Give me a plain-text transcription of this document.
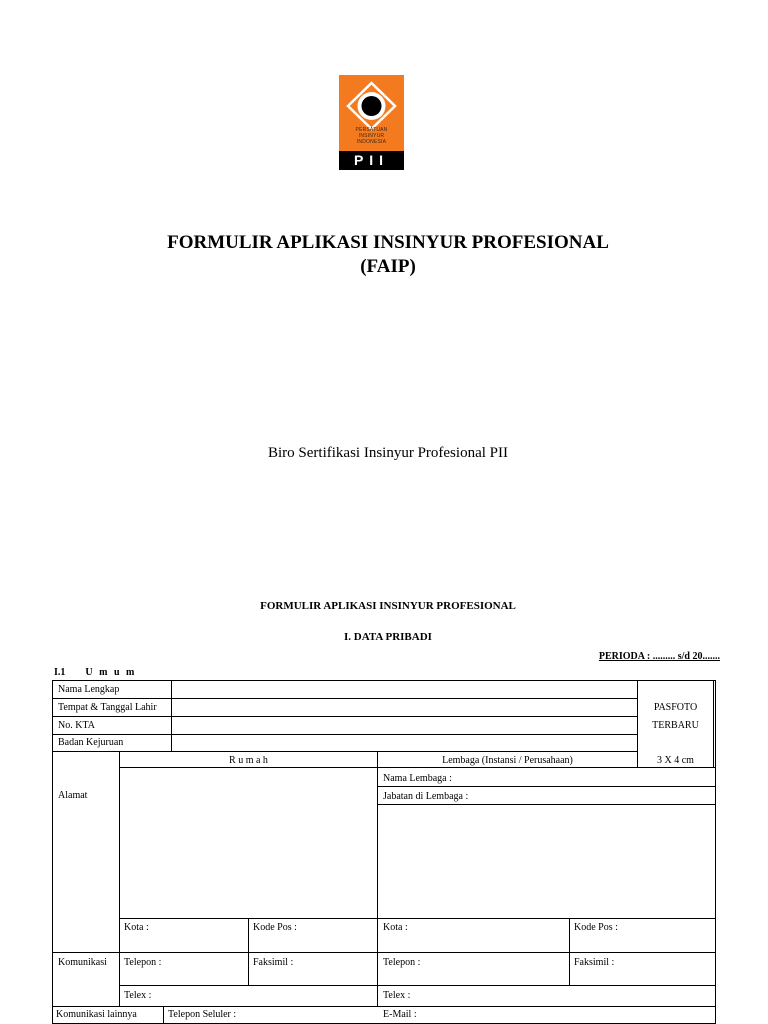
PERSATUAN
INSINYUR
INDONESIA
PII
FORMULIR APLIKASI INSINYUR PROFESIONAL
(FAIP)
Biro Sertifikasi Insinyur Profesional PII
FORMULIR APLIKASI INSINYUR PROFESIONAL
I. DATA PRIBADI
PERIODA : ......... s/d 20.......
I.1 U m u m
Nama Lengkap
Tempat & Tanggal Lahir
No. KTA
Badan Kejuruan
PASFOTO
TERBARU
3 X 4 cm
Alamat
R u m a h	Lembaga (Instansi / Perusahaan)
Nama Lembaga :
Jabatan di Lembaga :
Kota :	Kode Pos :	Kota :	Kode Pos :
Komunikasi Telepon :	Faksimil :	Telepon :	Faksimil :
Telex :	Telex :
Komunikasi lainnya	Telepon Seluler :	E-Mail :
